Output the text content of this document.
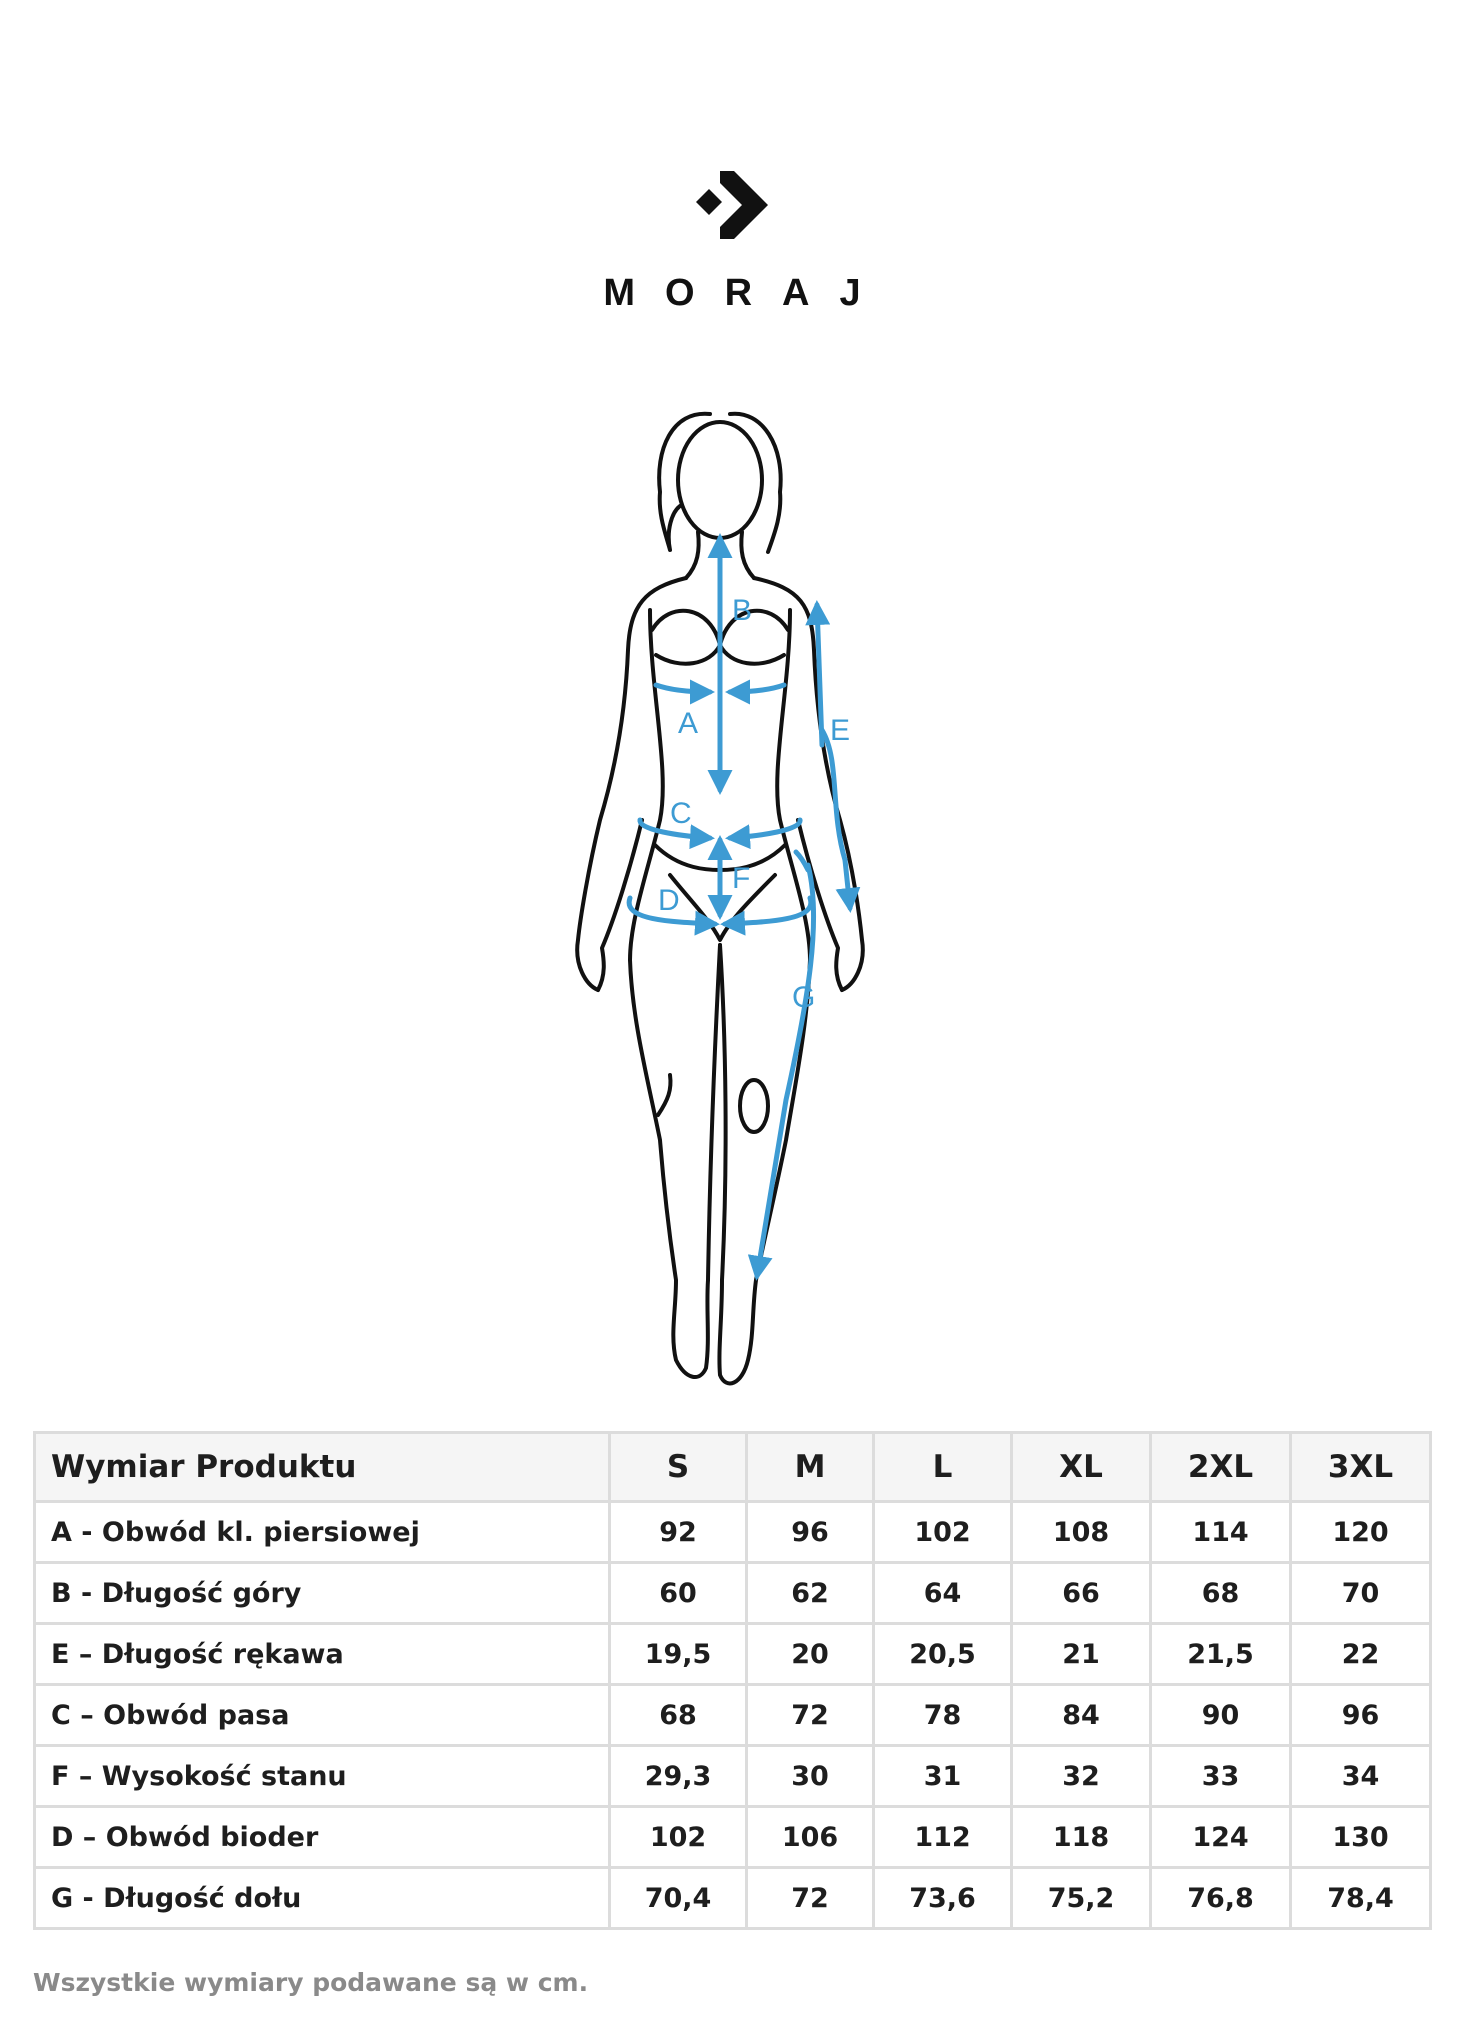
MORAJ
B
A	E
C
F
D
G
Wymiar Produktu	S	M	L	XL	2XL	3XL
A - Obwód kl. piersiowej	92	96	102	108	114	120
B - Długość góry	60	62	64	66	68	70
E – Długość rękawa	19,5	20	20,5	21	21,5	22
C – Obwód pasa	68	72	78	84	90	96
F – Wysokość stanu	29,3	30	31	32	33	34
D – Obwód bioder	102	106	112	118	124	130
G - Długość dołu	70,4	72	73,6	75,2	76,8	78,4
Wszystkie wymiary podawane są w cm.
